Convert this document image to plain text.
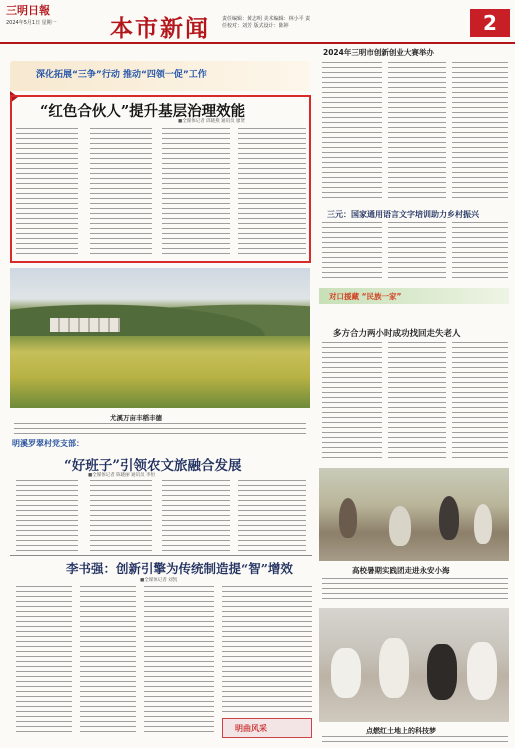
三明日報
2024年5月1日 星期一	本市新闻 责任编辑：黄志明 美术编辑：林小平 责任校对：刘芳 版式设计：陈婷	2
深化拓展“三争”行动 推动“四领一促”工作
“红色合伙人”提升基层治理效能
■全媒体记者 邱晓燕 通讯员 廖贤
尤溪万亩丰稻丰德
明溪罗翠村党支部：
“好班子”引领农文旅融合发展
■全媒体记者 陈晓丽 通讯员 李恒
李书强：创新引擎为传统制造提“智”增效
■全媒体记者 刘凯
明曲风采
2024年三明市创新创业大赛举办
三元：国家通用语言文字培训助力乡村振兴
对口援藏 “民族一家”
多方合力两小时成功找回走失老人
高校暑期实践团走进永安小海
点燃红土地上的科技梦
